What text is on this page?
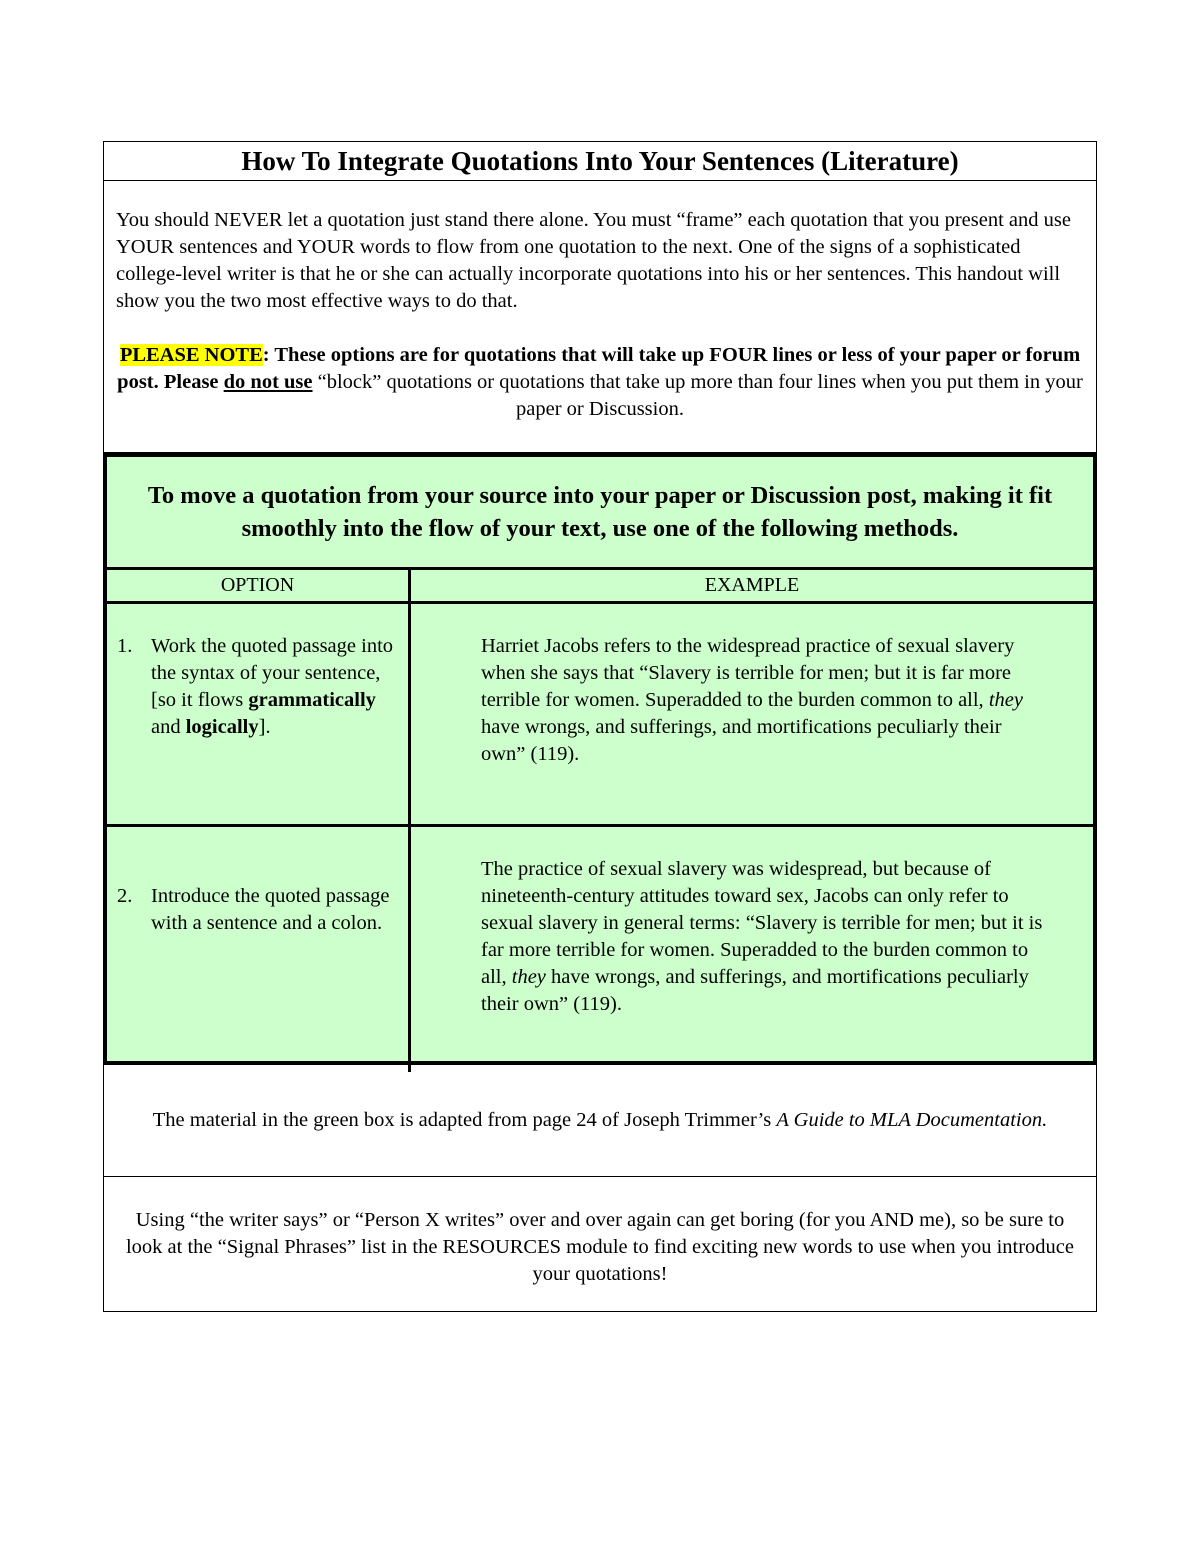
How To Integrate Quotations Into Your Sentences (Literature)

You should NEVER let a quotation just stand there alone. You must “frame” each quotation that you present and use YOUR sentences and YOUR words to flow from one quotation to the next. One of the signs of a sophisticated college-level writer is that he or she can actually incorporate quotations into his or her sentences. This handout will show you the two most effective ways to do that.

PLEASE NOTE: These options are for quotations that will take up FOUR lines or less of your paper or forum post. Please do not use “block” quotations or quotations that take up more than four lines when you put them in your paper or Discussion.

To move a quotation from your source into your paper or Discussion post, making it fit smoothly into the flow of your text, use one of the following methods.
OPTION	EXAMPLE
1. Work the quoted passage into the syntax of your sentence, [so it flows grammatically and logically].
Harriet Jacobs refers to the widespread practice of sexual slavery when she says that “Slavery is terrible for men; but it is far more terrible for women. Superadded to the burden common to all, they have wrongs, and sufferings, and mortifications peculiarly their own” (119).
2. Introduce the quoted passage with a sentence and a colon.
The practice of sexual slavery was widespread, but because of nineteenth-century attitudes toward sex, Jacobs can only refer to sexual slavery in general terms: “Slavery is terrible for men; but it is far more terrible for women. Superadded to the burden common to all, they have wrongs, and sufferings, and mortifications peculiarly their own” (119).
The material in the green box is adapted from page 24 of Joseph Trimmer’s A Guide to MLA Documentation.
Using “the writer says” or “Person X writes” over and over again can get boring (for you AND me), so be sure to look at the “Signal Phrases” list in the RESOURCES module to find exciting new words to use when you introduce your quotations!
